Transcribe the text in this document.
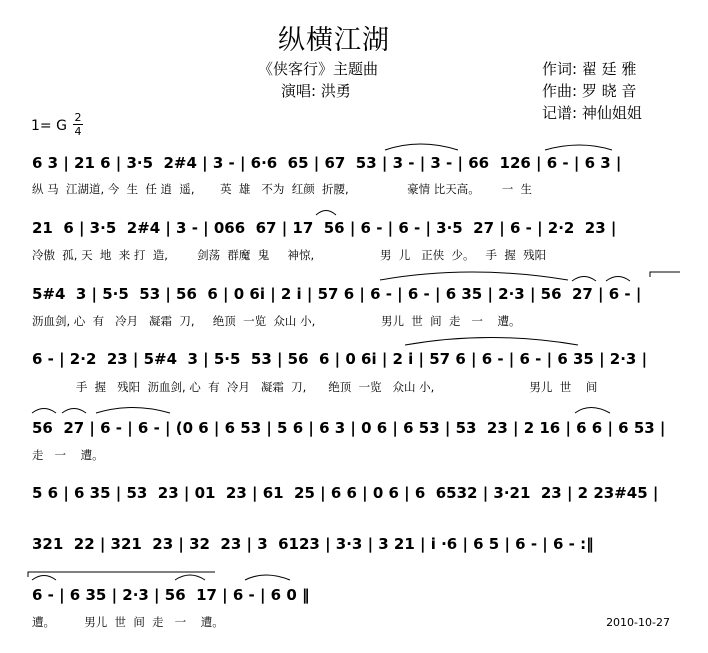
纵横江湖
《侠客行》主题曲
演唱: 洪勇
作词: 翟 廷 雅
作曲: 罗 晓 音
记谱: 神仙姐姐
1= G
2
4
6 3 | 21 6 | 3·5  2#4 | 3 - | 6·6  65 | 67  53 | 3 - | 3 - | 66  126 | 6 - | 6 3 |
纵 马  江湖道, 今  生  任 逍  遥,       英  雄   不为  红颜  折腰,                豪情 比天高。      一  生
21  6 | 3·5  2#4 | 3 - | 066  67 | 17  56 | 6 - | 6 - | 3·5  27 | 6 - | 2·2  23 |
冷傲  孤, 天  地  来 打  造,        剑荡  群魔  鬼     神惊,                  男  儿   正侠  少。   手  握  残阳
5#4  3 | 5·5  53 | 56  6 | 0 6i | 2 i | 57 6 | 6 - | 6 - | 6 35 | 2·3 | 56  27 | 6 - |
沥血剑, 心  有   冷月   凝霜  刀,     绝顶  一览  众山 小,                  男儿  世  间  走   一    遭。
6 - | 2·2  23 | 5#4  3 | 5·5  53 | 56  6 | 0 6i | 2 i | 57 6 | 6 - | 6 - | 6 35 | 2·3 |
手  握   残阳  沥血剑, 心  有  冷月   凝霜  刀,      绝顶  一览   众山 小,                          男儿  世    间
56  27 | 6 - | 6 - | (0 6 | 6 53 | 5 6 | 6 3 | 0 6 | 6 53 | 53  23 | 2 16 | 6 6 | 6 53 |
走   一    遭。
5 6 | 6 35 | 53  23 | 01  23 | 61  25 | 6 6 | 0 6 | 6  6532 | 3·21  23 | 2 23#45 |
321  22 | 321  23 | 32  23 | 3  6123 | 3·3 | 3 21 | i ·6 | 6 5 | 6 - | 6 - :‖
6 - | 6 35 | 2·3 | 56  17 | 6 - | 6 0 ‖
遭。        男儿  世  间  走   一    遭。	2010-10-27
